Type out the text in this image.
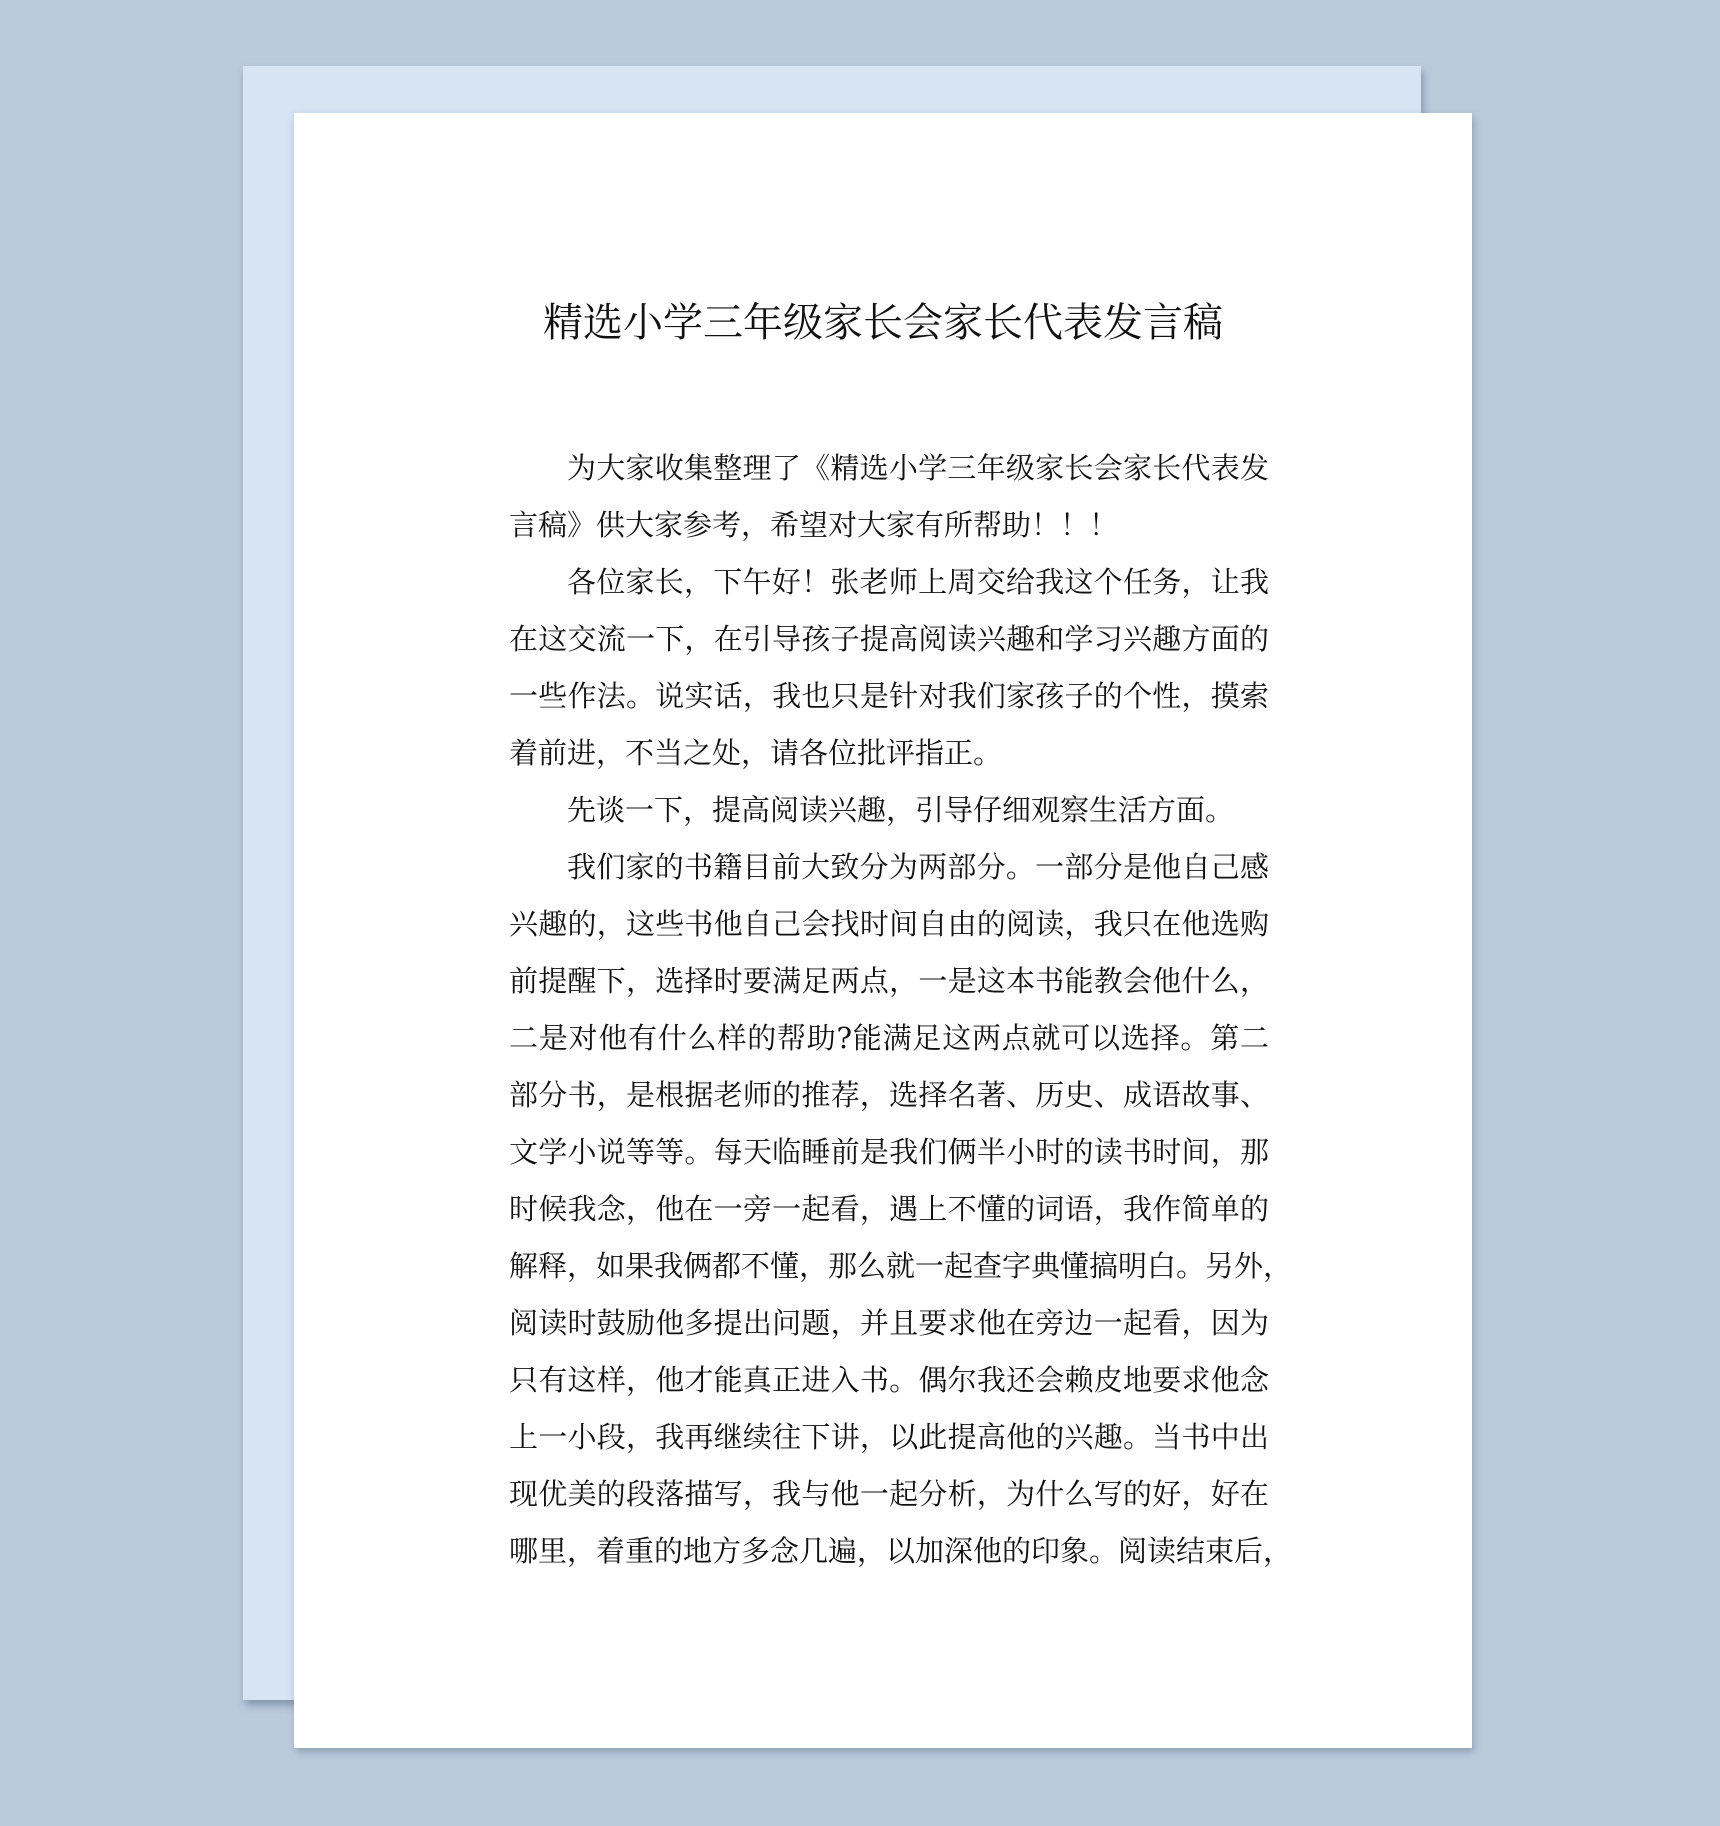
精选小学三年级家长会家长代表发言稿
为大家收集整理了《精选小学三年级家长会家长代表发
言稿》供大家参考，希望对大家有所帮助！！！
各位家长，下午好！张老师上周交给我这个任务，让我
在这交流一下，在引导孩子提高阅读兴趣和学习兴趣方面的
一些作法。说实话，我也只是针对我们家孩子的个性，摸索
着前进，不当之处，请各位批评指正。
先谈一下，提高阅读兴趣，引导仔细观察生活方面。
我们家的书籍目前大致分为两部分。一部分是他自己感
兴趣的，这些书他自己会找时间自由的阅读，我只在他选购
前提醒下，选择时要满足两点，一是这本书能教会他什么，
二是对他有什么样的帮助?能满足这两点就可以选择。第二
部分书，是根据老师的推荐，选择名著、历史、成语故事、
文学小说等等。每天临睡前是我们俩半小时的读书时间，那
时候我念，他在一旁一起看，遇上不懂的词语，我作简单的
解释，如果我俩都不懂，那么就一起查字典懂搞明白。另外，
阅读时鼓励他多提出问题，并且要求他在旁边一起看，因为
只有这样，他才能真正进入书。偶尔我还会赖皮地要求他念
上一小段，我再继续往下讲，以此提高他的兴趣。当书中出
现优美的段落描写，我与他一起分析，为什么写的好，好在
哪里，着重的地方多念几遍，以加深他的印象。阅读结束后，
